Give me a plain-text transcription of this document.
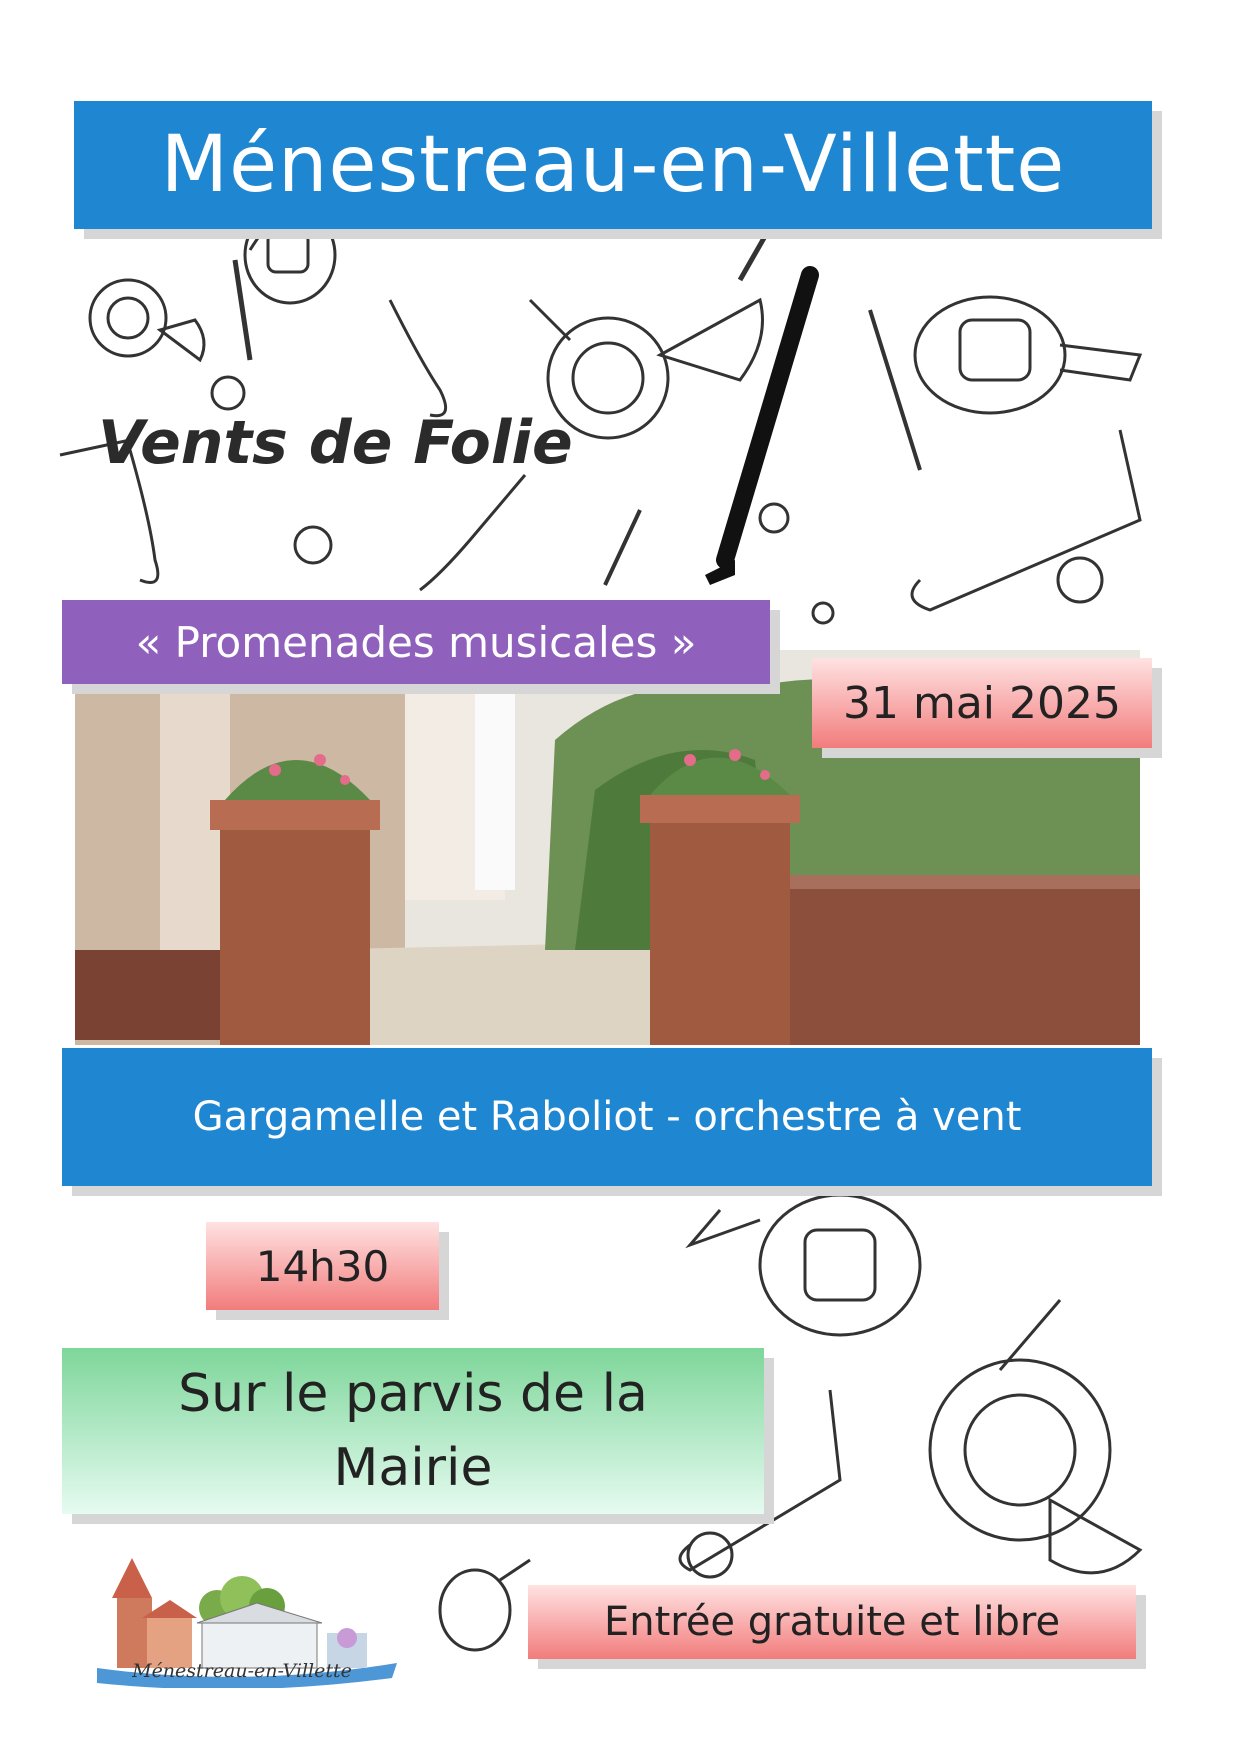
Ménestreau-en-Villette
Vents de Folie
« Promenades musicales »
31 mai 2025
Gargamelle et Raboliot - orchestre à vent
14h30
Sur le parvis de la
Mairie
Entrée gratuite et libre
Ménestreau-en-Villette
